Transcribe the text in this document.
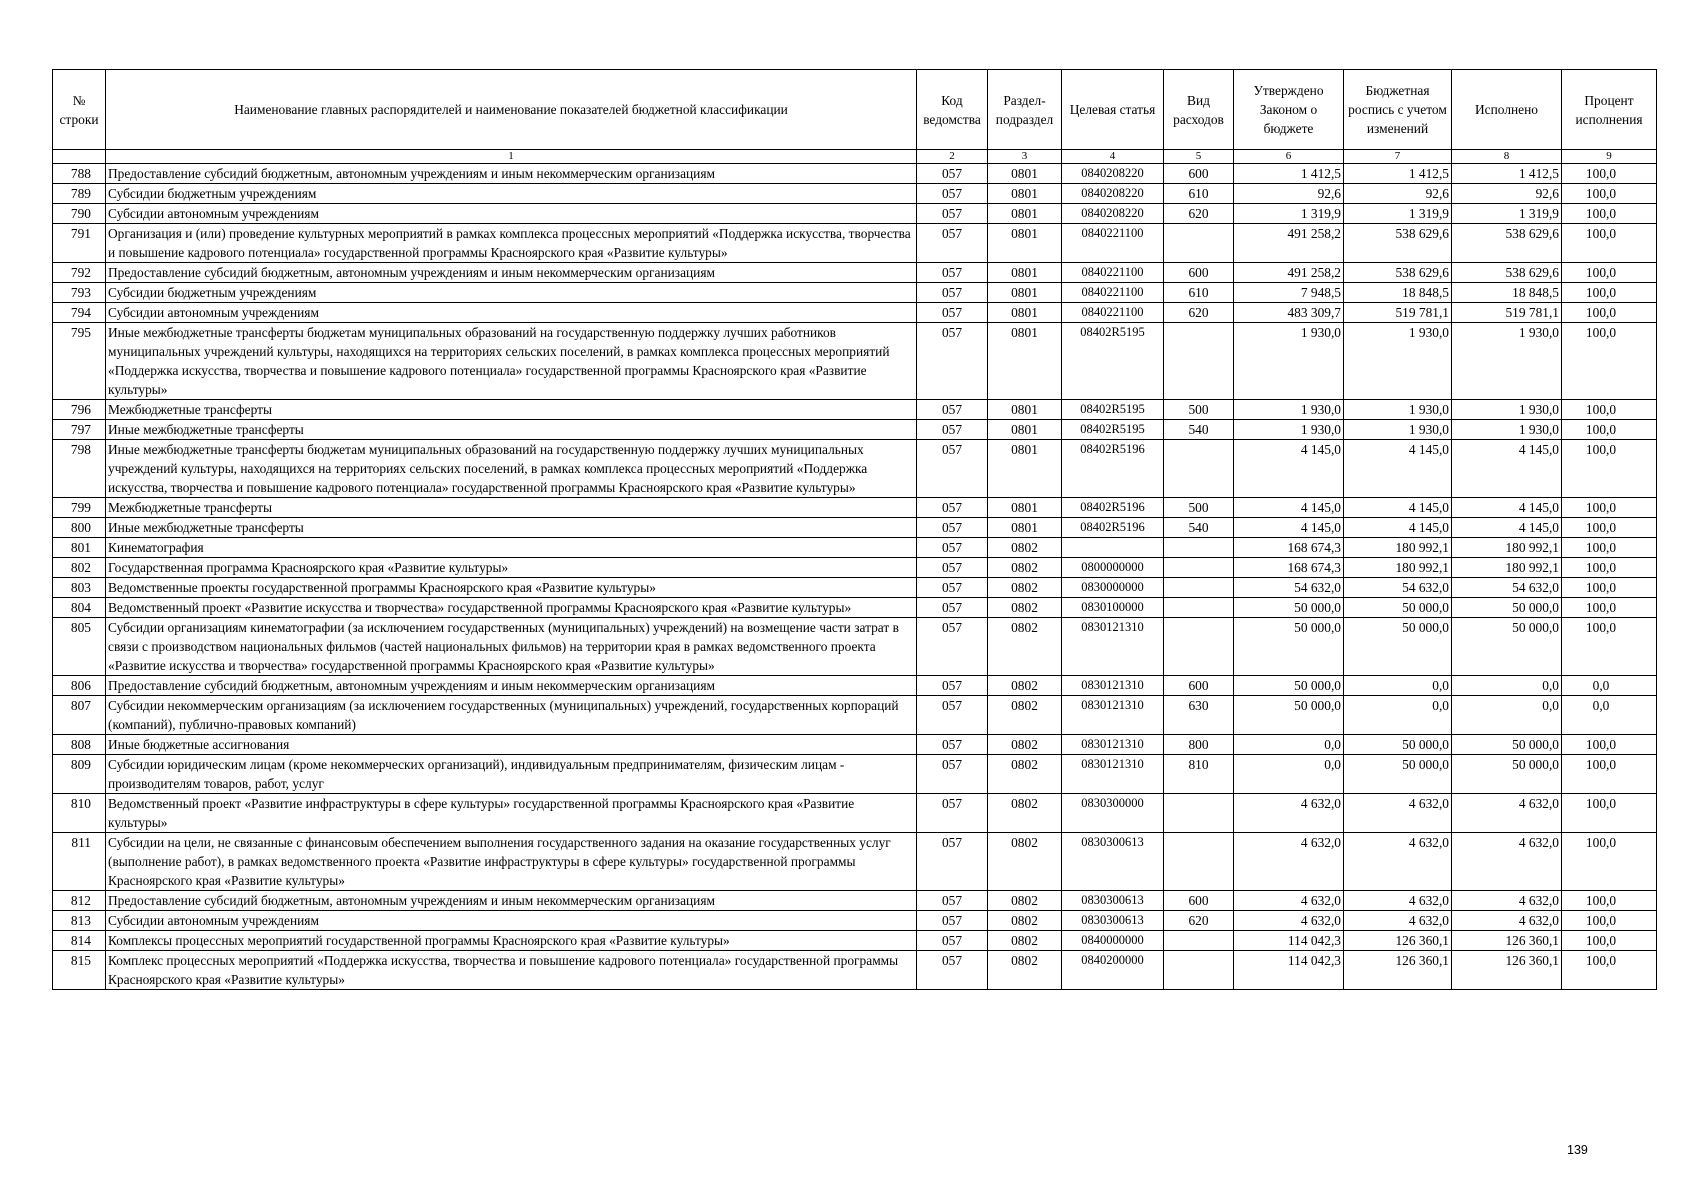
№ строки	Наименование главных распорядителей и наименование показателей бюджетной классификации	Код ведомства	Раздел-подраздел	Целевая статья	Вид расходов	Утверждено Законом о бюджете	Бюджетная роспись с учетом изменений	Исполнено	Процент исполнения
	1	2	3	4	5	6	7	8	9
788	Предоставление субсидий бюджетным, автономным учреждениям и иным некоммерческим организациям	057	0801	0840208220	600	1 412,5	1 412,5	1 412,5	100,0
789	Субсидии бюджетным учреждениям	057	0801	0840208220	610	92,6	92,6	92,6	100,0
790	Субсидии автономным учреждениям	057	0801	0840208220	620	1 319,9	1 319,9	1 319,9	100,0
791	Организация и (или) проведение культурных мероприятий в рамках комплекса процессных мероприятий «Поддержка искусства, творчества и повышение кадрового потенциала» государственной программы Красноярского края «Развитие культуры»	057	0801	0840221100		491 258,2	538 629,6	538 629,6	100,0
792	Предоставление субсидий бюджетным, автономным учреждениям и иным некоммерческим организациям	057	0801	0840221100	600	491 258,2	538 629,6	538 629,6	100,0
793	Субсидии бюджетным учреждениям	057	0801	0840221100	610	7 948,5	18 848,5	18 848,5	100,0
794	Субсидии автономным учреждениям	057	0801	0840221100	620	483 309,7	519 781,1	519 781,1	100,0
795	Иные межбюджетные трансферты бюджетам муниципальных образований на государственную поддержку лучших работников муниципальных учреждений культуры, находящихся на территориях сельских поселений, в рамках комплекса процессных мероприятий «Поддержка искусства, творчества и повышение кадрового потенциала» государственной программы Красноярского края «Развитие культуры»	057	0801	08402R5195		1 930,0	1 930,0	1 930,0	100,0
796	Межбюджетные трансферты	057	0801	08402R5195	500	1 930,0	1 930,0	1 930,0	100,0
797	Иные межбюджетные трансферты	057	0801	08402R5195	540	1 930,0	1 930,0	1 930,0	100,0
798	Иные межбюджетные трансферты бюджетам муниципальных образований на государственную поддержку лучших муниципальных учреждений культуры, находящихся на территориях сельских поселений, в рамках комплекса процессных мероприятий «Поддержка искусства, творчества и повышение кадрового потенциала» государственной программы Красноярского края «Развитие культуры»	057	0801	08402R5196		4 145,0	4 145,0	4 145,0	100,0
799	Межбюджетные трансферты	057	0801	08402R5196	500	4 145,0	4 145,0	4 145,0	100,0
800	Иные межбюджетные трансферты	057	0801	08402R5196	540	4 145,0	4 145,0	4 145,0	100,0
801	Кинематография	057	0802			168 674,3	180 992,1	180 992,1	100,0
802	Государственная программа Красноярского края «Развитие культуры»	057	0802	0800000000		168 674,3	180 992,1	180 992,1	100,0
803	Ведомственные проекты государственной программы Красноярского края «Развитие культуры»	057	0802	0830000000		54 632,0	54 632,0	54 632,0	100,0
804	Ведомственный проект «Развитие искусства и творчества» государственной программы Красноярского края «Развитие культуры»	057	0802	0830100000		50 000,0	50 000,0	50 000,0	100,0
805	Субсидии организациям кинематографии (за исключением государственных (муниципальных) учреждений) на возмещение части затрат в связи с производством национальных фильмов (частей национальных фильмов) на территории края в рамках ведомственного проекта «Развитие искусства и творчества» государственной программы Красноярского края «Развитие культуры»	057	0802	0830121310		50 000,0	50 000,0	50 000,0	100,0
806	Предоставление субсидий бюджетным, автономным учреждениям и иным некоммерческим организациям	057	0802	0830121310	600	50 000,0	0,0	0,0	0,0
807	Субсидии некоммерческим организациям (за исключением государственных (муниципальных) учреждений, государственных корпораций (компаний), публично-правовых компаний)	057	0802	0830121310	630	50 000,0	0,0	0,0	0,0
808	Иные бюджетные ассигнования	057	0802	0830121310	800	0,0	50 000,0	50 000,0	100,0
809	Субсидии юридическим лицам (кроме некоммерческих организаций), индивидуальным предпринимателям, физическим лицам - производителям товаров, работ, услуг	057	0802	0830121310	810	0,0	50 000,0	50 000,0	100,0
810	Ведомственный проект «Развитие инфраструктуры в сфере культуры» государственной программы Красноярского края «Развитие культуры»	057	0802	0830300000		4 632,0	4 632,0	4 632,0	100,0
811	Субсидии на цели, не связанные с финансовым обеспечением выполнения государственного задания на оказание государственных услуг (выполнение работ), в рамках ведомственного проекта «Развитие инфраструктуры в сфере культуры» государственной программы Красноярского края «Развитие культуры»	057	0802	0830300613		4 632,0	4 632,0	4 632,0	100,0
812	Предоставление субсидий бюджетным, автономным учреждениям и иным некоммерческим организациям	057	0802	0830300613	600	4 632,0	4 632,0	4 632,0	100,0
813	Субсидии автономным учреждениям	057	0802	0830300613	620	4 632,0	4 632,0	4 632,0	100,0
814	Комплексы процессных мероприятий государственной программы Красноярского края «Развитие культуры»	057	0802	0840000000		114 042,3	126 360,1	126 360,1	100,0
815	Комплекс процессных мероприятий «Поддержка искусства, творчества и повышение кадрового потенциала» государственной программы Красноярского края «Развитие культуры»	057	0802	0840200000		114 042,3	126 360,1	126 360,1	100,0
139
